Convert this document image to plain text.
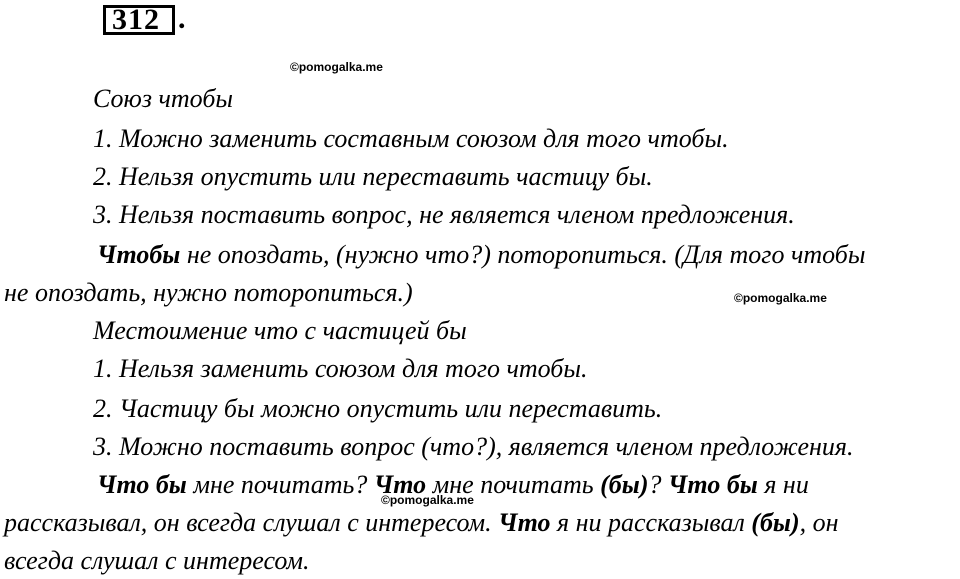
312 .
©pomogalka.me
©pomogalka.me
©pomogalka.me
Союз чтобы
1. Можно заменить составным союзом для того чтобы.
2. Нельзя опустить или переставить частицу бы.
3. Нельзя поставить вопрос, не является членом предложения.
Чтобы не опоздать, (нужно что?) поторопиться. (Для того чтобы
не опоздать, нужно поторопиться.)
Местоимение что с частицей бы
1. Нельзя заменить союзом для того чтобы.
2. Частицу бы можно опустить или переставить.
3. Можно поставить вопрос (что?), является членом предложения.
Что бы мне почитать? Что мне почитать (бы)? Что бы я ни
рассказывал, он всегда слушал с интересом. Что я ни рассказывал (бы), он
всегда слушал с интересом.
